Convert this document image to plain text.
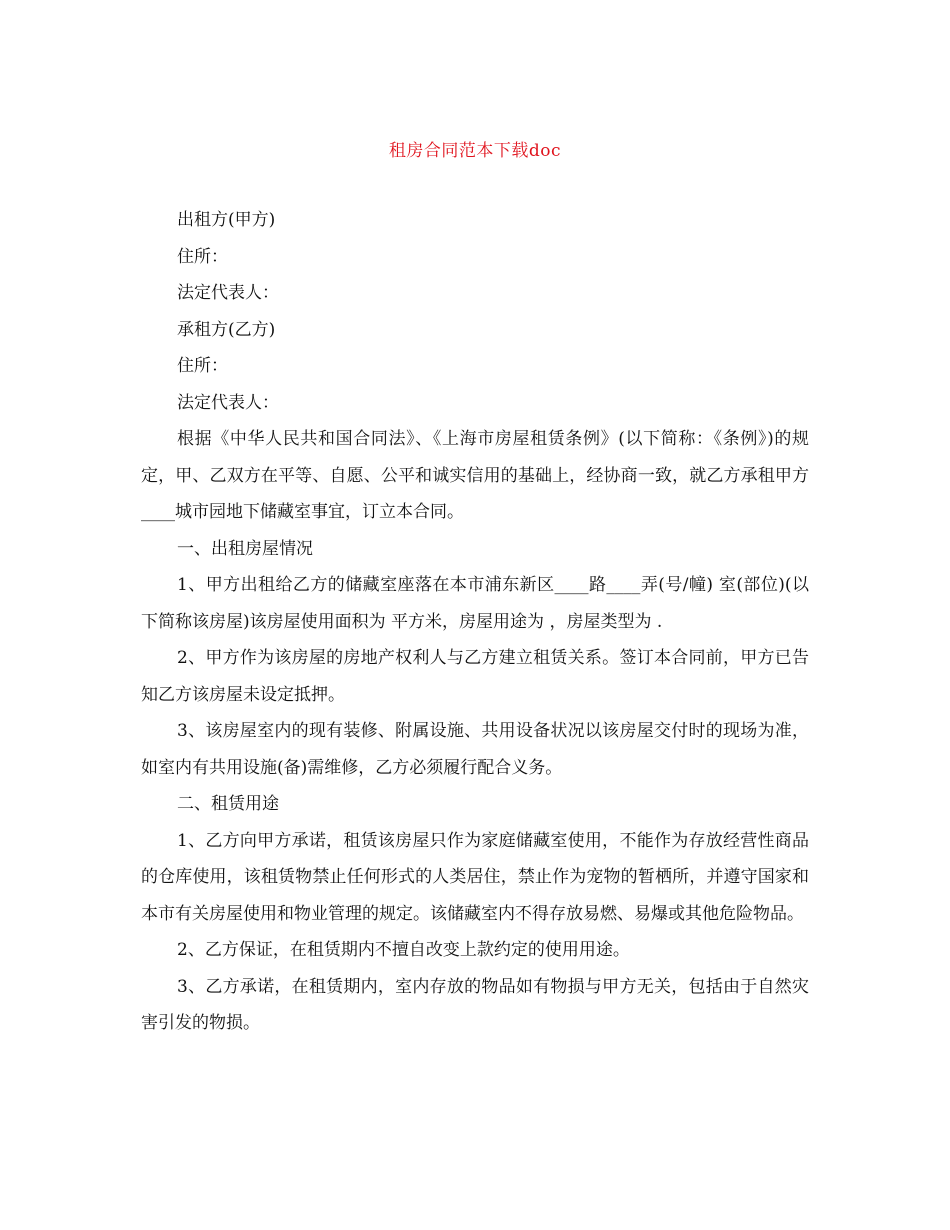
租房合同范本下载doc

出租方(甲方)

住所：

法定代表人：

承租方(乙方)

住所：

法定代表人：

根据《中华人民共和国合同法》、《上海市房屋租赁条例》(以下简称：《条例》)的规定，甲、乙双方在平等、自愿、公平和诚实信用的基础上，经协商一致，就乙方承租甲方____城市园地下储藏室事宜，订立本合同。

一、出租房屋情况

1、甲方出租给乙方的储藏室座落在本市浦东新区____路____弄(号/幢) 室(部位)(以下简称该房屋)该房屋使用面积为 平方米，房屋用途为 ，房屋类型为 .

2、甲方作为该房屋的房地产权利人与乙方建立租赁关系。签订本合同前，甲方已告知乙方该房屋未设定抵押。

3、该房屋室内的现有装修、附属设施、共用设备状况以该房屋交付时的现场为准，如室内有共用设施(备)需维修，乙方必须履行配合义务。

二、租赁用途

1、乙方向甲方承诺，租赁该房屋只作为家庭储藏室使用，不能作为存放经营性商品的仓库使用，该租赁物禁止任何形式的人类居住，禁止作为宠物的暂栖所，并遵守国家和本市有关房屋使用和物业管理的规定。该储藏室内不得存放易燃、易爆或其他危险物品。

2、乙方保证，在租赁期内不擅自改变上款约定的使用用途。

3、乙方承诺，在租赁期内，室内存放的物品如有物损与甲方无关，包括由于自然灾害引发的物损。
